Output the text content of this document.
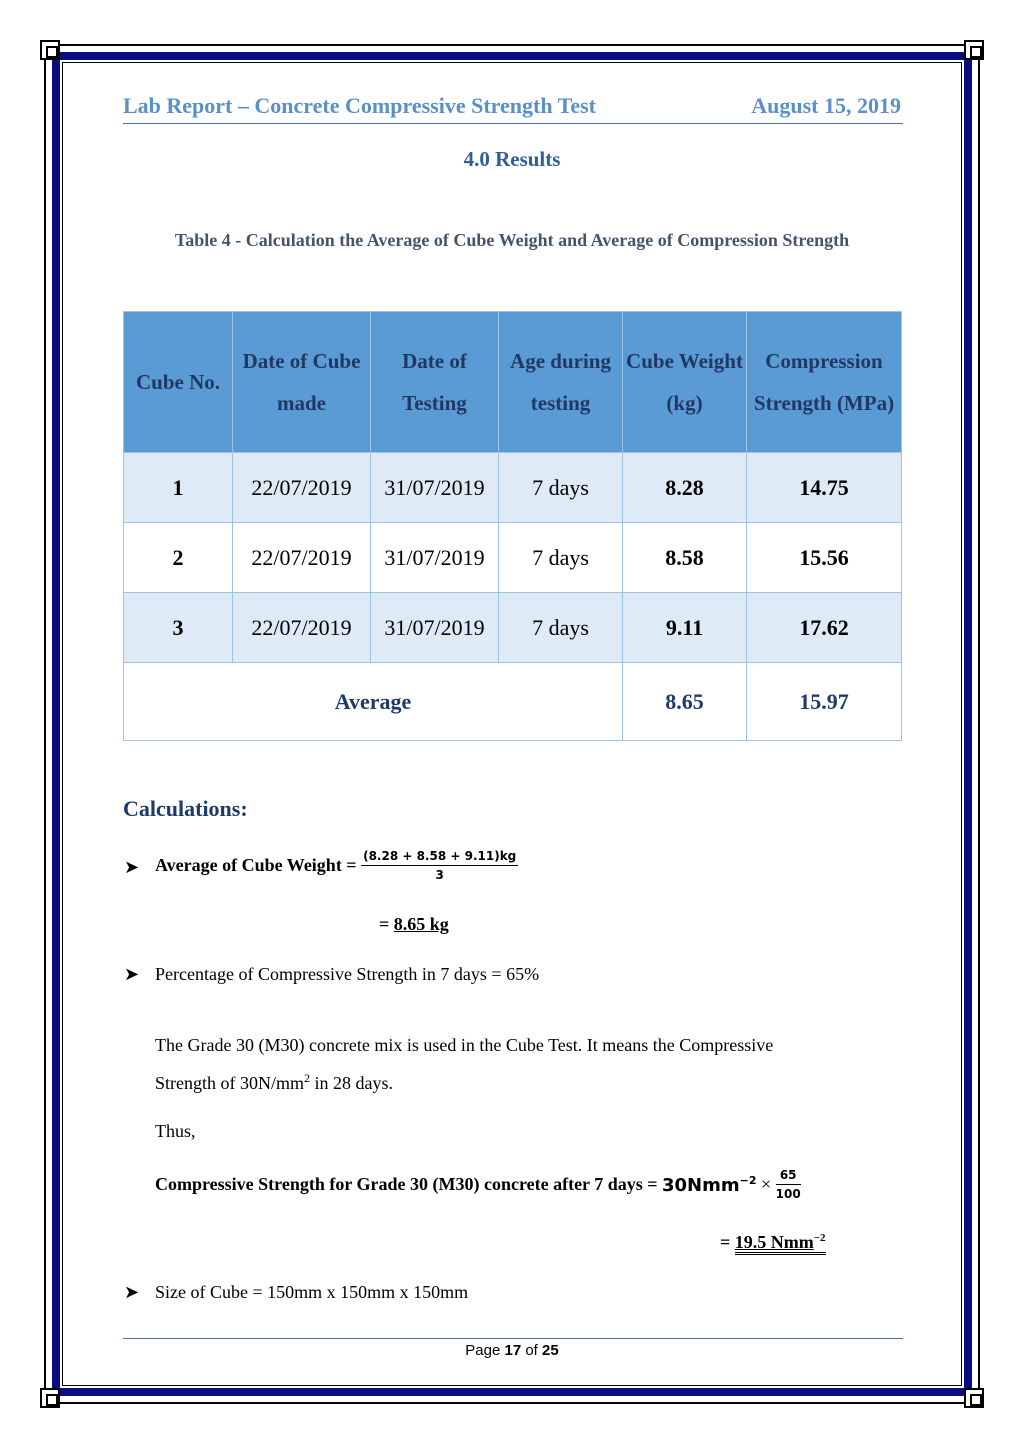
Lab Report – Concrete Compressive Strength Test	August 15, 2019
4.0 Results
Table 4 - Calculation the Average of Cube Weight and Average of Compression Strength
Cube No.	Date of Cube made	Date of Testing	Age during testing	Cube Weight (kg)	Compression Strength (MPa)
1	22/07/2019	31/07/2019	7 days	8.28	14.75
2	22/07/2019	31/07/2019	7 days	8.58	15.56
3	22/07/2019	31/07/2019	7 days	9.11	17.62
Average				8.65	15.97
Calculations:
➤ Average of Cube Weight = $\frac{(8.28 + 8.58 + 9.11)kg}{3}$
= 8.65 kg
➤ Percentage of Compressive Strength in 7 days = 65%
The Grade 30 (M30) concrete mix is used in the Cube Test. It means the Compressive
Strength of $30N/mm^2$ in 28 days.
Thus,
Compressive Strength for Grade 30 (M30) concrete after 7 days = $30Nmm^{-2} \times \frac{65}{100}$
= 19.5 Nmm$^{-2}$
➤ Size of Cube = 150mm x 150mm x 150mm
Page 17 of 25
